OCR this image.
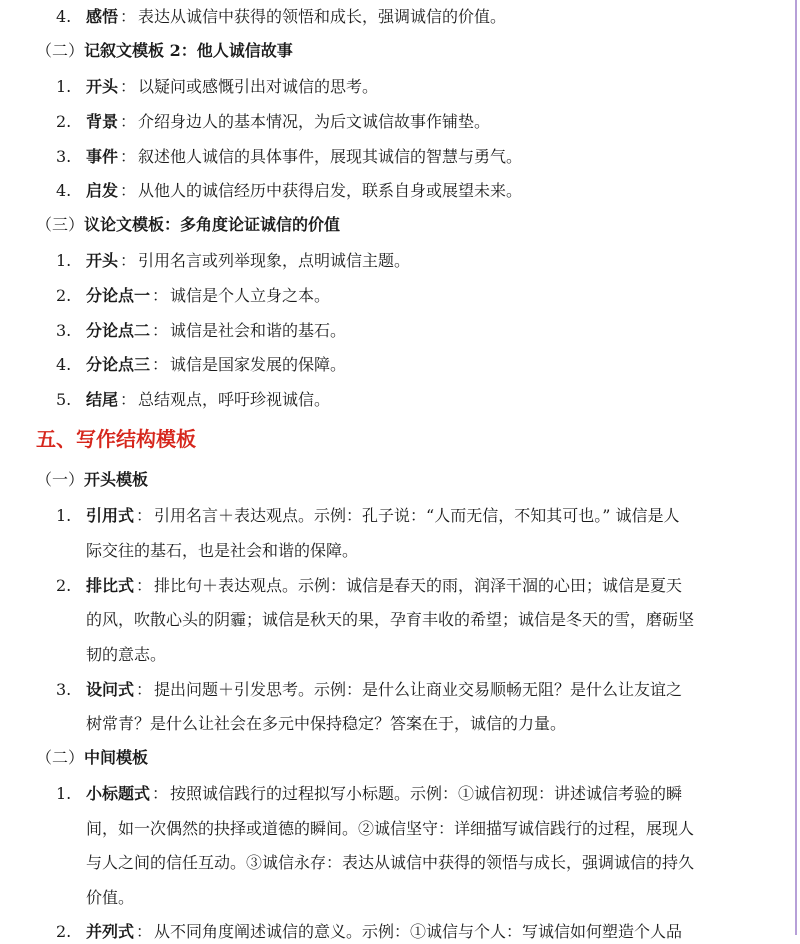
4. 感悟 ： 表达从诚信中获得的领悟和成长，强调诚信的价值。
（二）记叙文模板 2：他人诚信故事
1. 开头 ： 以疑问或感慨引出对诚信的思考。
2. 背景 ： 介绍身边人的基本情况，为后文诚信故事作铺垫。
3. 事件 ： 叙述他人诚信的具体事件，展现其诚信的智慧与勇气。
4. 启发 ： 从他人的诚信经历中获得启发，联系自身或展望未来。
（三）议论文模板：多角度论证诚信的价值
1. 开头 ： 引用名言或列举现象，点明诚信主题。
2. 分论点一 ： 诚信是个人立身之本。
3. 分论点二 ： 诚信是社会和谐的基石。
4. 分论点三 ： 诚信是国家发展的保障。
5. 结尾 ： 总结观点，呼吁珍视诚信。
五、写作结构模板
（一）开头模板
1. 引用式 ： 引用名言＋表达观点。示例：孔子说：“人而无信，不知其可也。” 诚信是人
际交往的基石，也是社会和谐的保障。
2. 排比式 ： 排比句＋表达观点。示例：诚信是春天的雨，润泽干涸的心田；诚信是夏天
的风，吹散心头的阴霾；诚信是秋天的果，孕育丰收的希望；诚信是冬天的雪，磨砺坚
韧的意志。
3. 设问式 ： 提出问题＋引发思考。示例：是什么让商业交易顺畅无阻？是什么让友谊之
树常青？是什么让社会在多元中保持稳定？答案在于，诚信的力量。
（二）中间模板
1. 小标题式 ： 按照诚信践行的过程拟写小标题。示例：①诚信初现：讲述诚信考验的瞬
间，如一次偶然的抉择或道德的瞬间。②诚信坚守：详细描写诚信践行的过程，展现人
与人之间的信任互动。③诚信永存：表达从诚信中获得的领悟与成长，强调诚信的持久
价值。
2. 并列式 ： 从不同角度阐述诚信的意义。示例：①诚信与个人：写诚信如何塑造个人品
